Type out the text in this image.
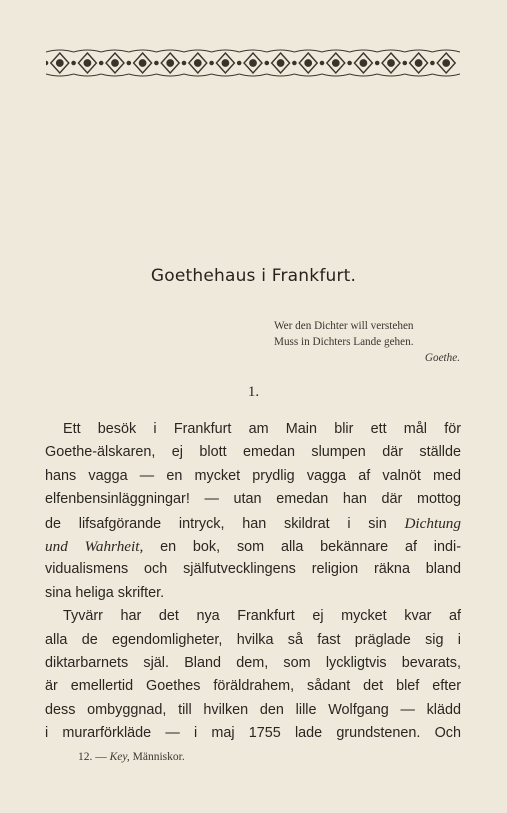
Goethehaus i Frankfurt.
Wer den Dichter will verstehen
Muss in Dichters Lande gehen.
Goethe.
1.
Ett besök i Frankfurt am Main blir ett mål för
Goethe-älskaren, ej blott emedan slumpen där ställde
hans vagga — en mycket prydlig vagga af valnöt med
elfenbensinläggningar! — utan emedan han där mottog
de lifsafgörande intryck, han skildrat i sin Dichtung
und Wahrheit, en bok, som alla bekännare af indi-
vidualismens och själfutvecklingens religion räkna bland
sina heliga skrifter.
Tyvärr har det nya Frankfurt ej mycket kvar af
alla de egendomligheter, hvilka så fast präglade sig i
diktarbarnets själ. Bland dem, som lyckligtvis bevarats,
är emellertid Goethes föräldrahem, sådant det blef efter
dess ombyggnad, till hvilken den lille Wolfgang — klädd
i murarförkläde — i maj 1755 lade grundstenen. Och
12. — Key, Människor.
